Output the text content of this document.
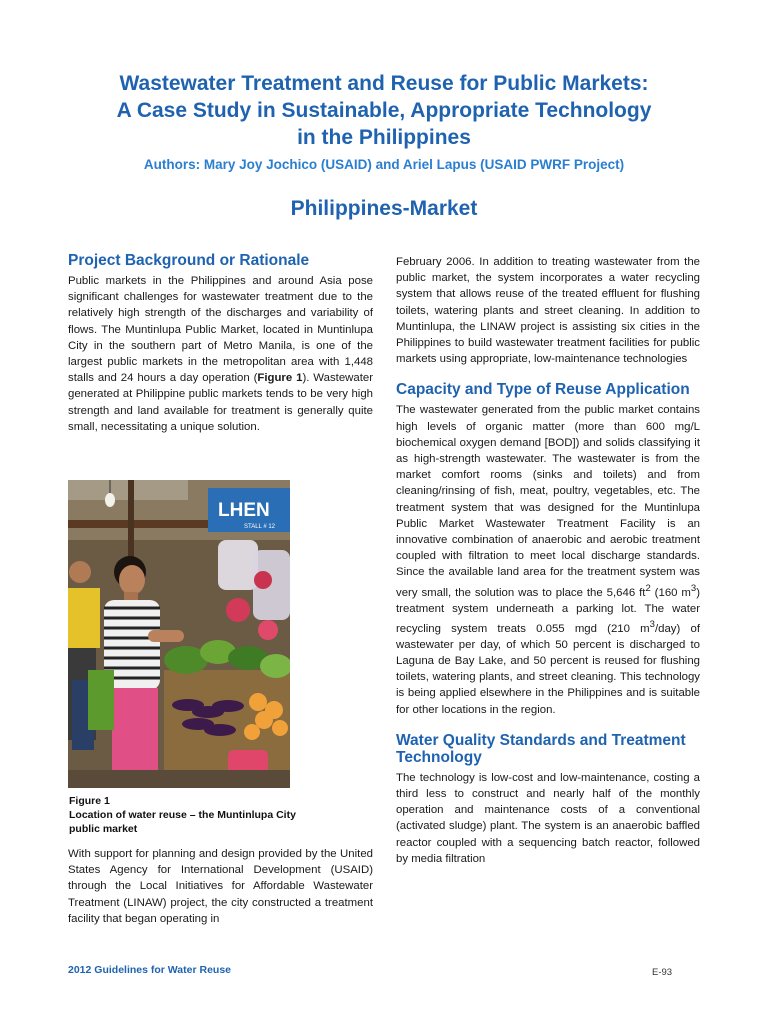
Wastewater Treatment and Reuse for Public Markets:
A Case Study in Sustainable, Appropriate Technology
in the Philippines
Authors: Mary Joy Jochico (USAID) and Ariel Lapus (USAID PWRF Project)
Philippines-Market
Project Background or Rationale

Public markets in the Philippines and around Asia pose significant challenges for wastewater treatment due to the relatively high strength of the discharges and variability of flows. The Muntinlupa Public Market, located in Muntinlupa City in the southern part of Metro Manila, is one of the largest public markets in the metropolitan area with 1,448 stalls and 24 hours a day operation (Figure 1). Wastewater generated at Philippine public markets tends to be very high strength and land available for treatment is generally quite small, necessitating a unique solution.

LHEN
STALL # 12
Figure 1
Location of water reuse – the Muntinlupa City public market

With support for planning and design provided by the United States Agency for International Development (USAID) through the Local Initiatives for Affordable Wastewater Treatment (LINAW) project, the city constructed a treatment facility that began operating in

February 2006. In addition to treating wastewater from the public market, the system incorporates a water recycling system that allows reuse of the treated effluent for flushing toilets, watering plants and street cleaning. In addition to Muntinlupa, the LINAW project is assisting six cities in the Philippines to build wastewater treatment facilities for public markets using appropriate, low-maintenance technologies

Capacity and Type of Reuse Application

The wastewater generated from the public market contains high levels of organic matter (more than 600 mg/L biochemical oxygen demand [BOD]) and solids classifying it as high-strength wastewater. The wastewater is from the market comfort rooms (sinks and toilets) and from cleaning/rinsing of fish, meat, poultry, vegetables, etc. The treatment system that was designed for the Muntinlupa Public Market Wastewater Treatment Facility is an innovative combination of anaerobic and aerobic treatment coupled with filtration to meet local discharge standards. Since the available land area for the treatment system was very small, the solution was to place the 5,646 $ft^2$ (160 $m^3$) treatment system underneath a parking lot. The water recycling system treats 0.055 mgd (210 $m^3/day$) of wastewater per day, of which 50 percent is discharged to Laguna de Bay Lake, and 50 percent is reused for flushing toilets, watering plants, and street cleaning. This technology is being applied elsewhere in the Philippines and is suitable for other locations in the region.

Water Quality Standards and Treatment Technology

The technology is low-cost and low-maintenance, costing a third less to construct and nearly half of the monthly operation and maintenance costs of a conventional (activated sludge) plant. The system is an anaerobic baffled reactor coupled with a sequencing batch reactor, followed by media filtration

2012 Guidelines for Water Reuse	E-93
